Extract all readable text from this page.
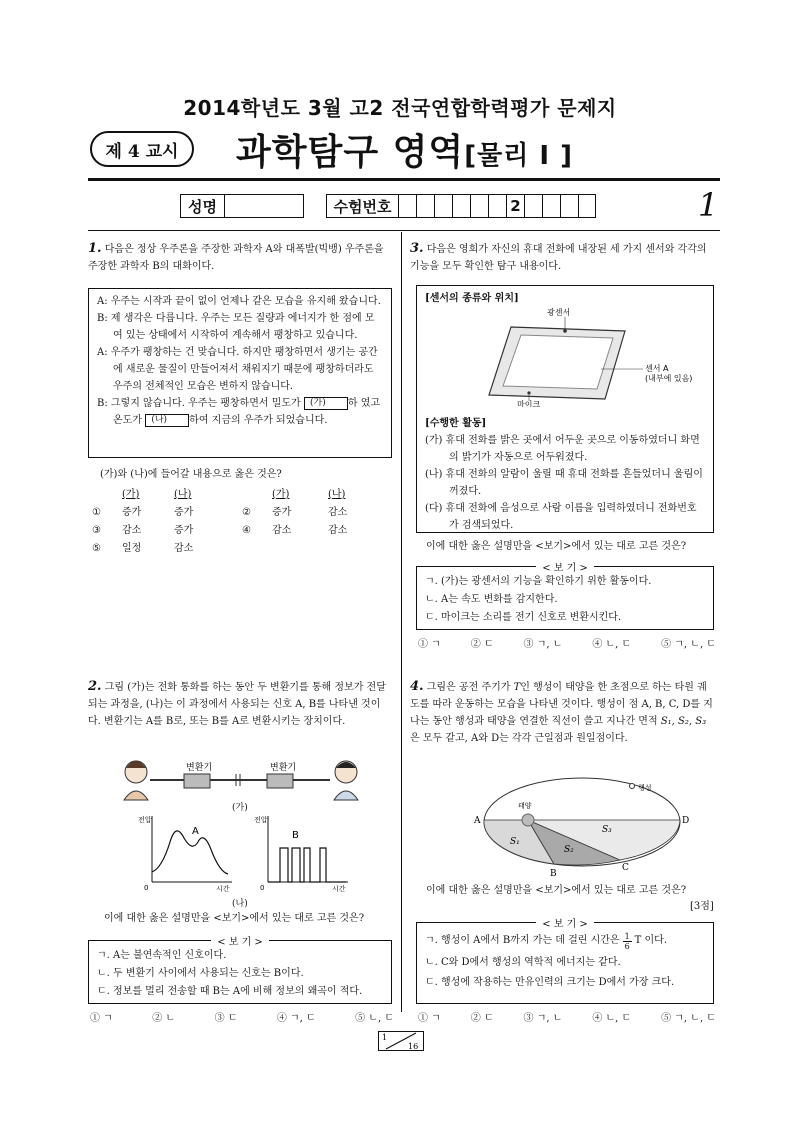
2014학년도 3월 고2 전국연합학력평가 문제지
제 4 교시	과학탐구 영역[물리 I ]
성명	수험번호	2	1
1. 다음은 정상 우주론을 주장한 과학자 A와 대폭발(빅뱅) 우주론을 주장한 과학자 B의 대화이다.
A: 우주는 시작과 끝이 없이 언제나 같은 모습을 유지해 왔습니다.
B: 제 생각은 다릅니다. 우주는 모든 질량과 에너지가 한 점에 모여 있는 상태에서 시작하여 계속해서 팽창하고 있습니다.
A: 우주가 팽창하는 건 맞습니다. 하지만 팽창하면서 생기는 공간에 새로운 물질이 만들어져서 채워지기 때문에 팽창하더라도 우주의 전체적인 모습은 변하지 않습니다.
B: 그렇지 않습니다. 우주는 팽창하면서 밀도가 (가) 하 였고 온도가 (나) 하여 지금의 우주가 되었습니다.
(가)와 (나)에 들어갈 내용으로 옳은 것은?
(가)	(나)	(가)	(나)
①	증가	증가	②	증가	감소
③	감소	증가	④	감소	감소
⑤	일정	감소
2. 그림 (가)는 전화 통화를 하는 동안 두 변환기를 통해 정보가 전달되는 과정을, (나)는 이 과정에서 사용되는 신호 A, B를 나타낸 것이다. 변환기는 A를 B로, 또는 B를 A로 변환시키는 장치이다.
변환기	변환기
(가)
A
전압
0	시간
B
전압
0	시간
(나)
이에 대한 옳은 설명만을 <보기>에서 있는 대로 고른 것은?
< 보 기 >
ㄱ. A는 불연속적인 신호이다.
ㄴ. 두 변환기 사이에서 사용되는 신호는 B이다.
ㄷ. 정보를 멀리 전송할 때 B는 A에 비해 정보의 왜곡이 적다.
① ㄱ	② ㄴ	③ ㄷ	④ ㄱ, ㄷ	⑤ ㄴ, ㄷ
3. 다음은 영희가 자신의 휴대 전화에 내장된 세 가지 센서와 각각의 기능을 모두 확인한 탐구 내용이다.
[센서의 종류와 위치]
광센서
센서 A
(내부에 있음)
마이크
[수행한 활동]
(가) 휴대 전화를 밝은 곳에서 어두운 곳으로 이동하였더니 화면의 밝기가 자동으로 어두워졌다.
(나) 휴대 전화의 알람이 울릴 때 휴대 전화를 흔들었더니 울림이 꺼졌다.
(다) 휴대 전화에 음성으로 사람 이름을 입력하였더니 전화번호가 검색되었다.
이에 대한 옳은 설명만을 <보기>에서 있는 대로 고른 것은?
< 보 기 >
ㄱ. (가)는 광센서의 기능을 확인하기 위한 활동이다.
ㄴ. A는 속도 변화를 감지한다.
ㄷ. 마이크는 소리를 전기 신호로 변환시킨다.
① ㄱ	② ㄷ	③ ㄱ, ㄴ	④ ㄴ, ㄷ	⑤ ㄱ, ㄴ, ㄷ
4. 그림은 공전 주기가 T인 행성이 태양을 한 초점으로 하는 타원 궤도를 따라 운동하는 모습을 나타낸 것이다. 행성이 점 A, B, C, D를 지나는 동안 행성과 태양을 연결한 직선이 쓸고 지나간 면적 S₁, S₂, S₃은 모두 같고, A와 D는 각각 근일점과 원일점이다.
태양
행성
A
B
C
D
S₁
S₂
S₃
이에 대한 옳은 설명만을 <보기>에서 있는 대로 고른 것은?
[3점]
< 보 기 >
ㄱ. 행성이 A에서 B까지 가는 데 걸린 시간은 $\frac{1}{6}$ T 이다.
ㄴ. C와 D에서 행성의 역학적 에너지는 같다.
ㄷ. 행성에 작용하는 만유인력의 크기는 D에서 가장 크다.
① ㄱ	② ㄷ	③ ㄱ, ㄴ	④ ㄴ, ㄷ	⑤ ㄱ, ㄴ, ㄷ
1
16
